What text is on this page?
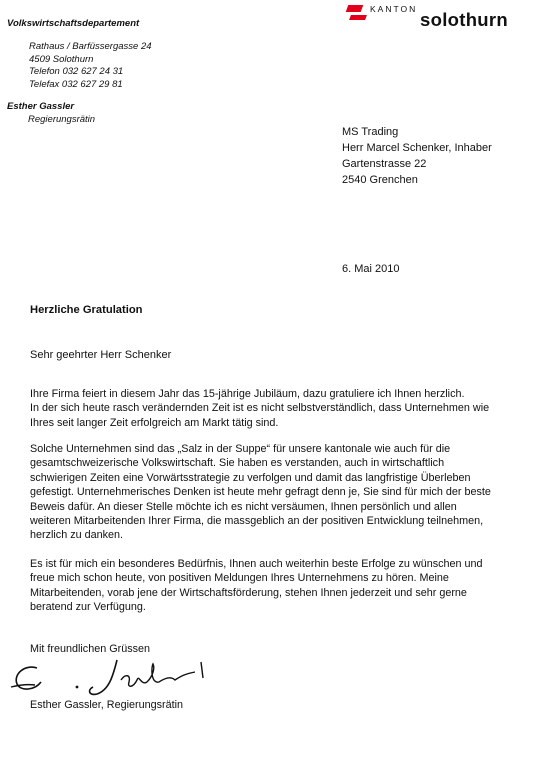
Volkswirtschaftsdepartement
Rathaus / Barfüssergasse 24
4509 Solothurn
Telefon 032 627 24 31
Telefax 032 627 29 81
Esther Gassler
Regierungsrätin
KANTON solothurn
MS Trading
Herr Marcel Schenker, Inhaber
Gartenstrasse 22
2540 Grenchen
6. Mai 2010
Herzliche Gratulation
Sehr geehrter Herr Schenker
Ihre Firma feiert in diesem Jahr das 15-jährige Jubiläum, dazu gratuliere ich Ihnen herzlich.
In der sich heute rasch verändernden Zeit ist es nicht selbstverständlich, dass Unternehmen wie
Ihres seit langer Zeit erfolgreich am Markt tätig sind.
Solche Unternehmen sind das „Salz in der Suppe“ für unsere kantonale wie auch für die
gesamtschweizerische Volkswirtschaft. Sie haben es verstanden, auch in wirtschaftlich
schwierigen Zeiten eine Vorwärtsstrategie zu verfolgen und damit das langfristige Überleben
gefestigt. Unternehmerisches Denken ist heute mehr gefragt denn je, Sie sind für mich der beste
Beweis dafür. An dieser Stelle möchte ich es nicht versäumen, Ihnen persönlich und allen
weiteren Mitarbeitenden Ihrer Firma, die massgeblich an der positiven Entwicklung teilnehmen,
herzlich zu danken.
Es ist für mich ein besonderes Bedürfnis, Ihnen auch weiterhin beste Erfolge zu wünschen und
freue mich schon heute, von positiven Meldungen Ihres Unternehmens zu hören. Meine
Mitarbeitenden, vorab jene der Wirtschaftsförderung, stehen Ihnen jederzeit und sehr gerne
beratend zur Verfügung.
Mit freundlichen Grüssen
Esther Gassler, Regierungsrätin
